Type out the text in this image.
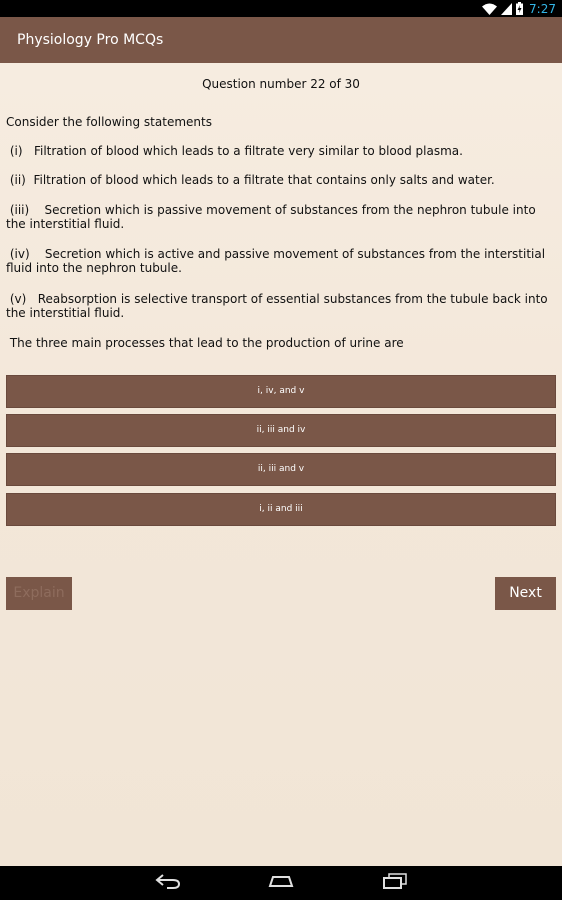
7:27
Physiology Pro MCQs
Question number 22 of 30
Consider the following statements
(i)   Filtration of blood which leads to a filtrate very similar to blood plasma.
(ii)  Filtration of blood which leads to a filtrate that contains only salts and water.
(iii)    Secretion which is passive movement of substances from the nephron tubule into the interstitial fluid.
(iv)    Secretion which is active and passive movement of substances from the interstitial fluid into the nephron tubule.
(v)   Reabsorption is selective transport of essential substances from the tubule back into the interstitial fluid.
The three main processes that lead to the production of urine are
i, iv, and v
ii, iii and iv
ii, iii and v
i, ii and iii
Explain	Next
